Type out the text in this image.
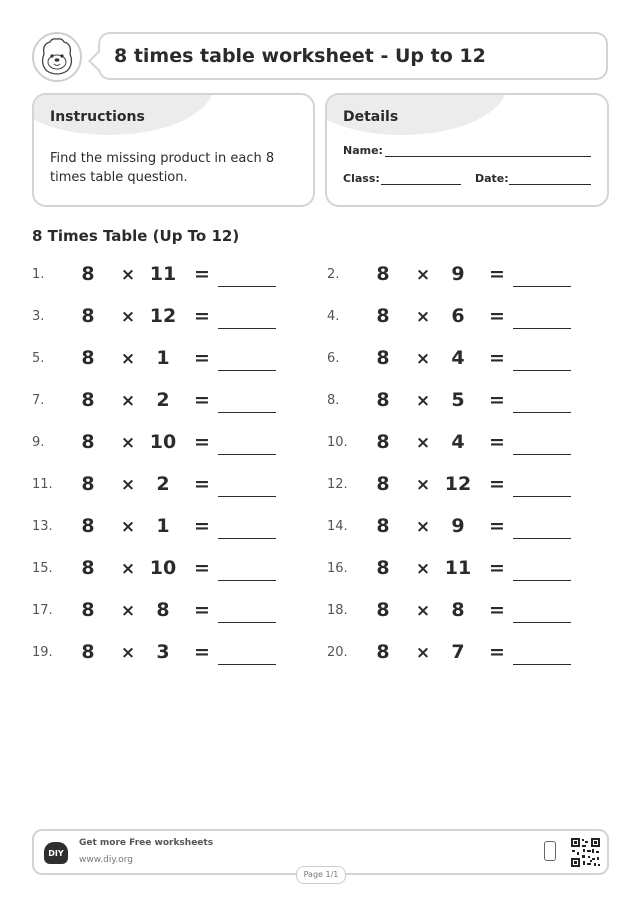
8 times table worksheet - Up to 12
Instructions
Find the missing product in each 8 times table question.
Details
Name:
Class:	Date:
8 Times Table (Up To 12)
1. 8 × 11 =	2. 8 ×	9	=
3. 8 × 12 =	4. 8 ×	6	=
5. 8 ×	1	=	6. 8 ×	4	=
7. 8 ×	2	=	8. 8 ×	5	=
9. 8 × 10 =	10. 8 ×	4	=
11. 8 ×	2	=	12. 8 × 12 =
13. 8 ×	1	=	14. 8 ×	9	=
15. 8 × 10 =	16. 8 × 11 =
17. 8 ×	8	=	18. 8 ×	8	=
19. 8 ×	3	=	20. 8 ×	7	=
DIY
Get more Free worksheets
www.diy.org
Page 1/1
